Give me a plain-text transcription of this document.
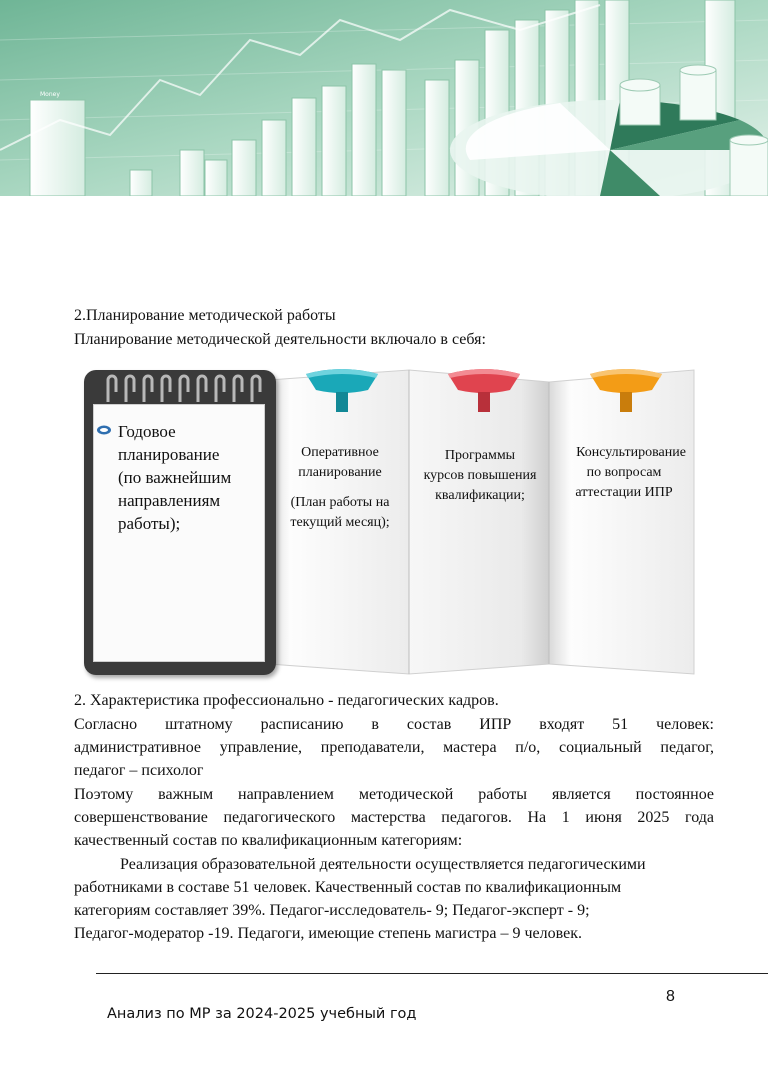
Money
2.Планирование методической работы
Планирование методической деятельности включало в себя:
Годовое
планирование
(по важнейшим
направлениям
работы);
Оперативное
планирование
(План работы на
текущий месяц);
Программы
курсов повышения
квалификации;
Консультирование
по вопросам
аттестации ИПР
2. Характеристика профессионально - педагогических кадров.
Согласно штатному расписанию в состав ИПР входят 51 человек:
административное управление, преподаватели, мастера п/о, социальный педагог,
педагог – психолог
Поэтому важным направлением методической работы является постоянное
совершенствование педагогического мастерства педагогов. На 1 июня 2025 года
качественный состав по квалификационным категориям:
Реализация образовательной деятельности осуществляется педагогическими
работниками в составе 51 человек. Качественный состав по квалификационным
категориям составляет 39%. Педагог-исследователь- 9; Педагог-эксперт - 9;
Педагог-модератор -19. Педагоги, имеющие степень магистра – 9 человек.
8
Анализ по МР за 2024-2025 учебный год
